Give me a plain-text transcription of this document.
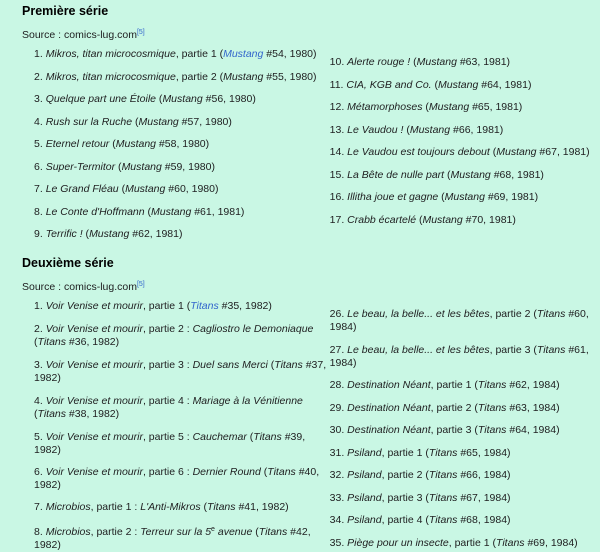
Première série
Source : comics-lug.com[5]
1. Mikros, titan microcosmique, partie 1 (Mustang #54, 1980)
2. Mikros, titan microcosmique, partie 2 (Mustang #55, 1980)
3. Quelque part une Étoile (Mustang #56, 1980)
4. Rush sur la Ruche (Mustang #57, 1980)
5. Eternel retour (Mustang #58, 1980)
6. Super-Termitor (Mustang #59, 1980)
7. Le Grand Fléau (Mustang #60, 1980)
8. Le Conte d'Hoffmann (Mustang #61, 1981)
9. Terrific ! (Mustang #62, 1981)
10. Alerte rouge ! (Mustang #63, 1981)
11. CIA, KGB and Co. (Mustang #64, 1981)
12. Métamorphoses (Mustang #65, 1981)
13. Le Vaudou ! (Mustang #66, 1981)
14. Le Vaudou est toujours debout (Mustang #67, 1981)
15. La Bête de nulle part (Mustang #68, 1981)
16. Illitha joue et gagne (Mustang #69, 1981)
17. Crabb écartelé (Mustang #70, 1981)
Deuxième série
Source : comics-lug.com[5]
1. Voir Venise et mourir, partie 1 (Titans #35, 1982)
2. Voir Venise et mourir, partie 2 : Cagliostro le Demoniaque (Titans #36, 1982)
3. Voir Venise et mourir, partie 3 : Duel sans Merci (Titans #37, 1982)
4. Voir Venise et mourir, partie 4 : Mariage à la Vénitienne (Titans #38, 1982)
5. Voir Venise et mourir, partie 5 : Cauchemar (Titans #39, 1982)
6. Voir Venise et mourir, partie 6 : Dernier Round (Titans #40, 1982)
7. Microbios, partie 1 : L'Anti-Mikros (Titans #41, 1982)
8. Microbios, partie 2 : Terreur sur la 5e avenue (Titans #42, 1982)
26. Le beau, la belle... et les bêtes, partie 2 (Titans #60, 1984)
27. Le beau, la belle... et les bêtes, partie 3 (Titans #61, 1984)
28. Destination Néant, partie 1 (Titans #62, 1984)
29. Destination Néant, partie 2 (Titans #63, 1984)
30. Destination Néant, partie 3 (Titans #64, 1984)
31. Psiland, partie 1 (Titans #65, 1984)
32. Psiland, partie 2 (Titans #66, 1984)
33. Psiland, partie 3 (Titans #67, 1984)
34. Psiland, partie 4 (Titans #68, 1984)
35. Piège pour un insecte, partie 1 (Titans #69, 1984)
